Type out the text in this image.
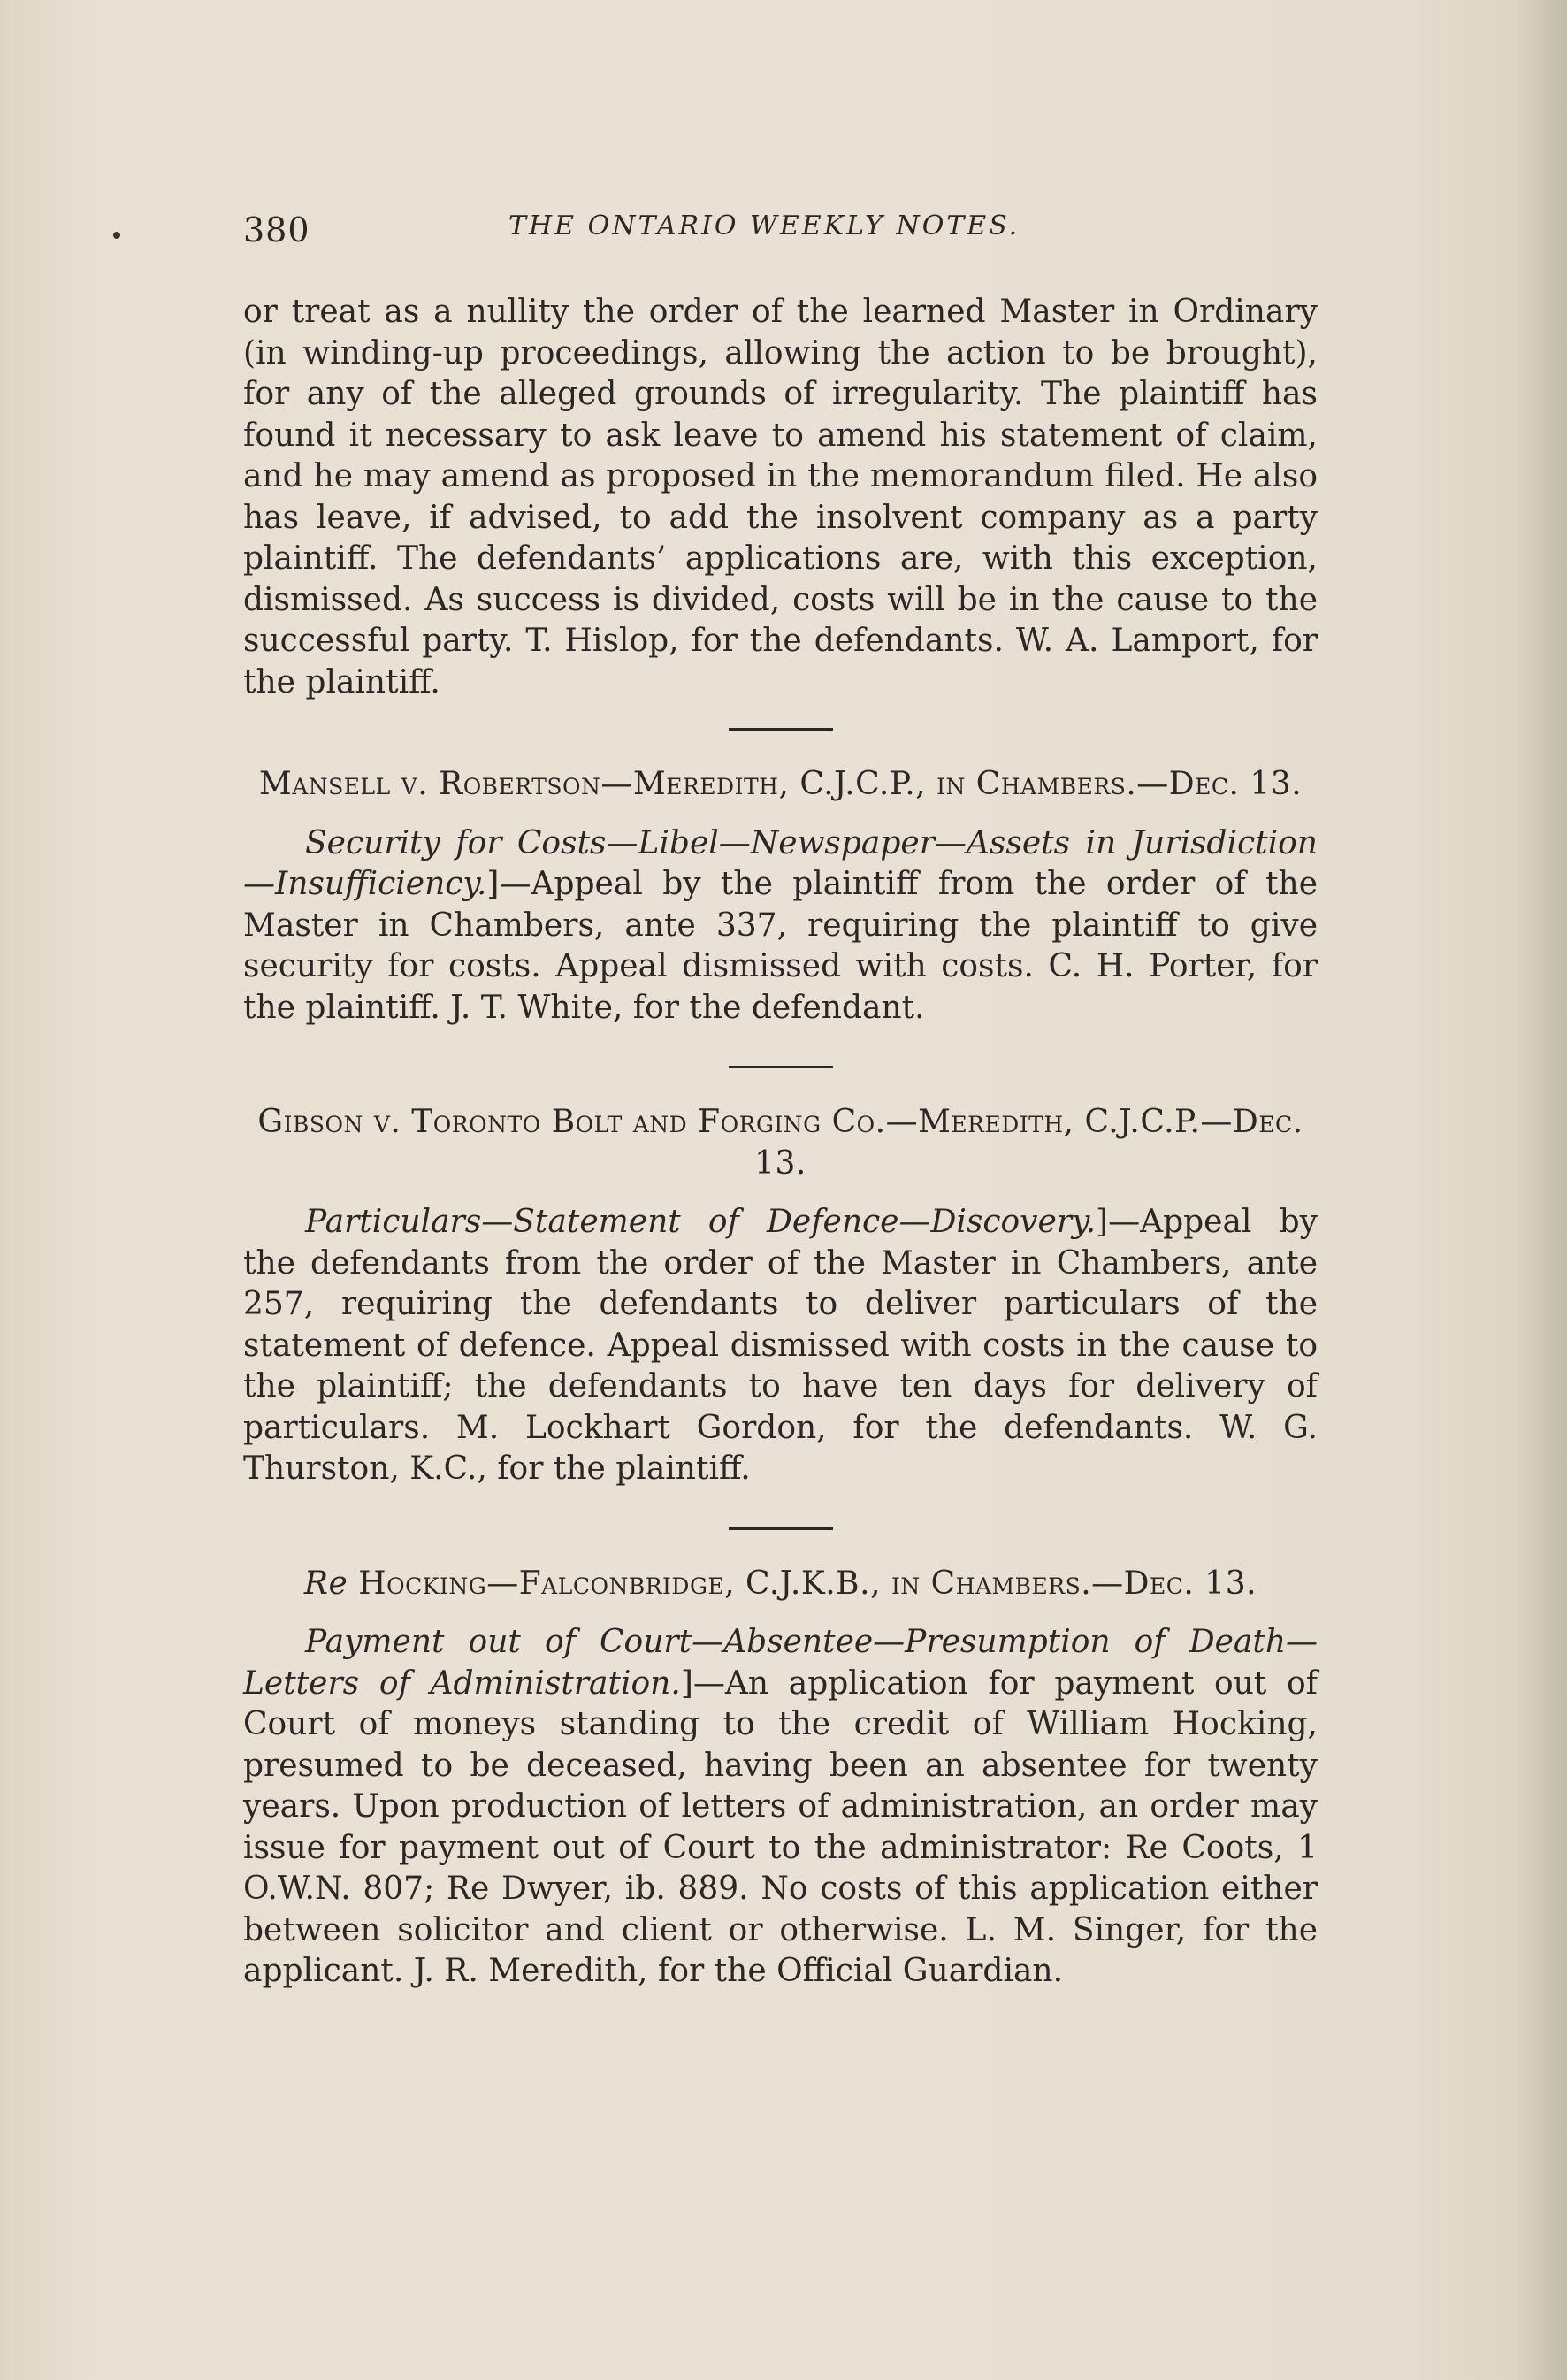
380	THE ONTARIO WEEKLY NOTES.

or treat as a nullity the order of the learned Master in Ordinary (in winding-up proceedings, allowing the action to be brought), for any of the alleged grounds of irregularity. The plaintiff has found it necessary to ask leave to amend his statement of claim, and he may amend as proposed in the memorandum filed. He also has leave, if advised, to add the insolvent company as a party plaintiff. The defendants’ applications are, with this exception, dismissed. As success is divided, costs will be in the cause to the successful party. T. Hislop, for the defendants. W. A. Lamport, for the plaintiff.

Mansell v. Robertson—Meredith, C.J.C.P., in Chambers.—Dec. 13.

Security for Costs—Libel—Newspaper—Assets in Jurisdiction—Insufficiency.]—Appeal by the plaintiff from the order of the Master in Chambers, ante 337, requiring the plaintiff to give security for costs. Appeal dismissed with costs. C. H. Porter, for the plaintiff. J. T. White, for the defendant.

Gibson v. Toronto Bolt and Forging Co.—Meredith, C.J.C.P.—Dec. 13.

Particulars—Statement of Defence—Discovery.]—Appeal by the defendants from the order of the Master in Chambers, ante 257, requiring the defendants to deliver particulars of the statement of defence. Appeal dismissed with costs in the cause to the plaintiff; the defendants to have ten days for delivery of particulars. M. Lockhart Gordon, for the defendants. W. G. Thurston, K.C., for the plaintiff.

Re Hocking—Falconbridge, C.J.K.B., in Chambers.—Dec. 13.

Payment out of Court—Absentee—Presumption of Death—Letters of Administration.]—An application for payment out of Court of moneys standing to the credit of William Hocking, presumed to be deceased, having been an absentee for twenty years. Upon production of letters of administration, an order may issue for payment out of Court to the administrator: Re Coots, 1 O.W.N. 807; Re Dwyer, ib. 889. No costs of this application either between solicitor and client or otherwise. L. M. Singer, for the applicant. J. R. Meredith, for the Official Guardian.
